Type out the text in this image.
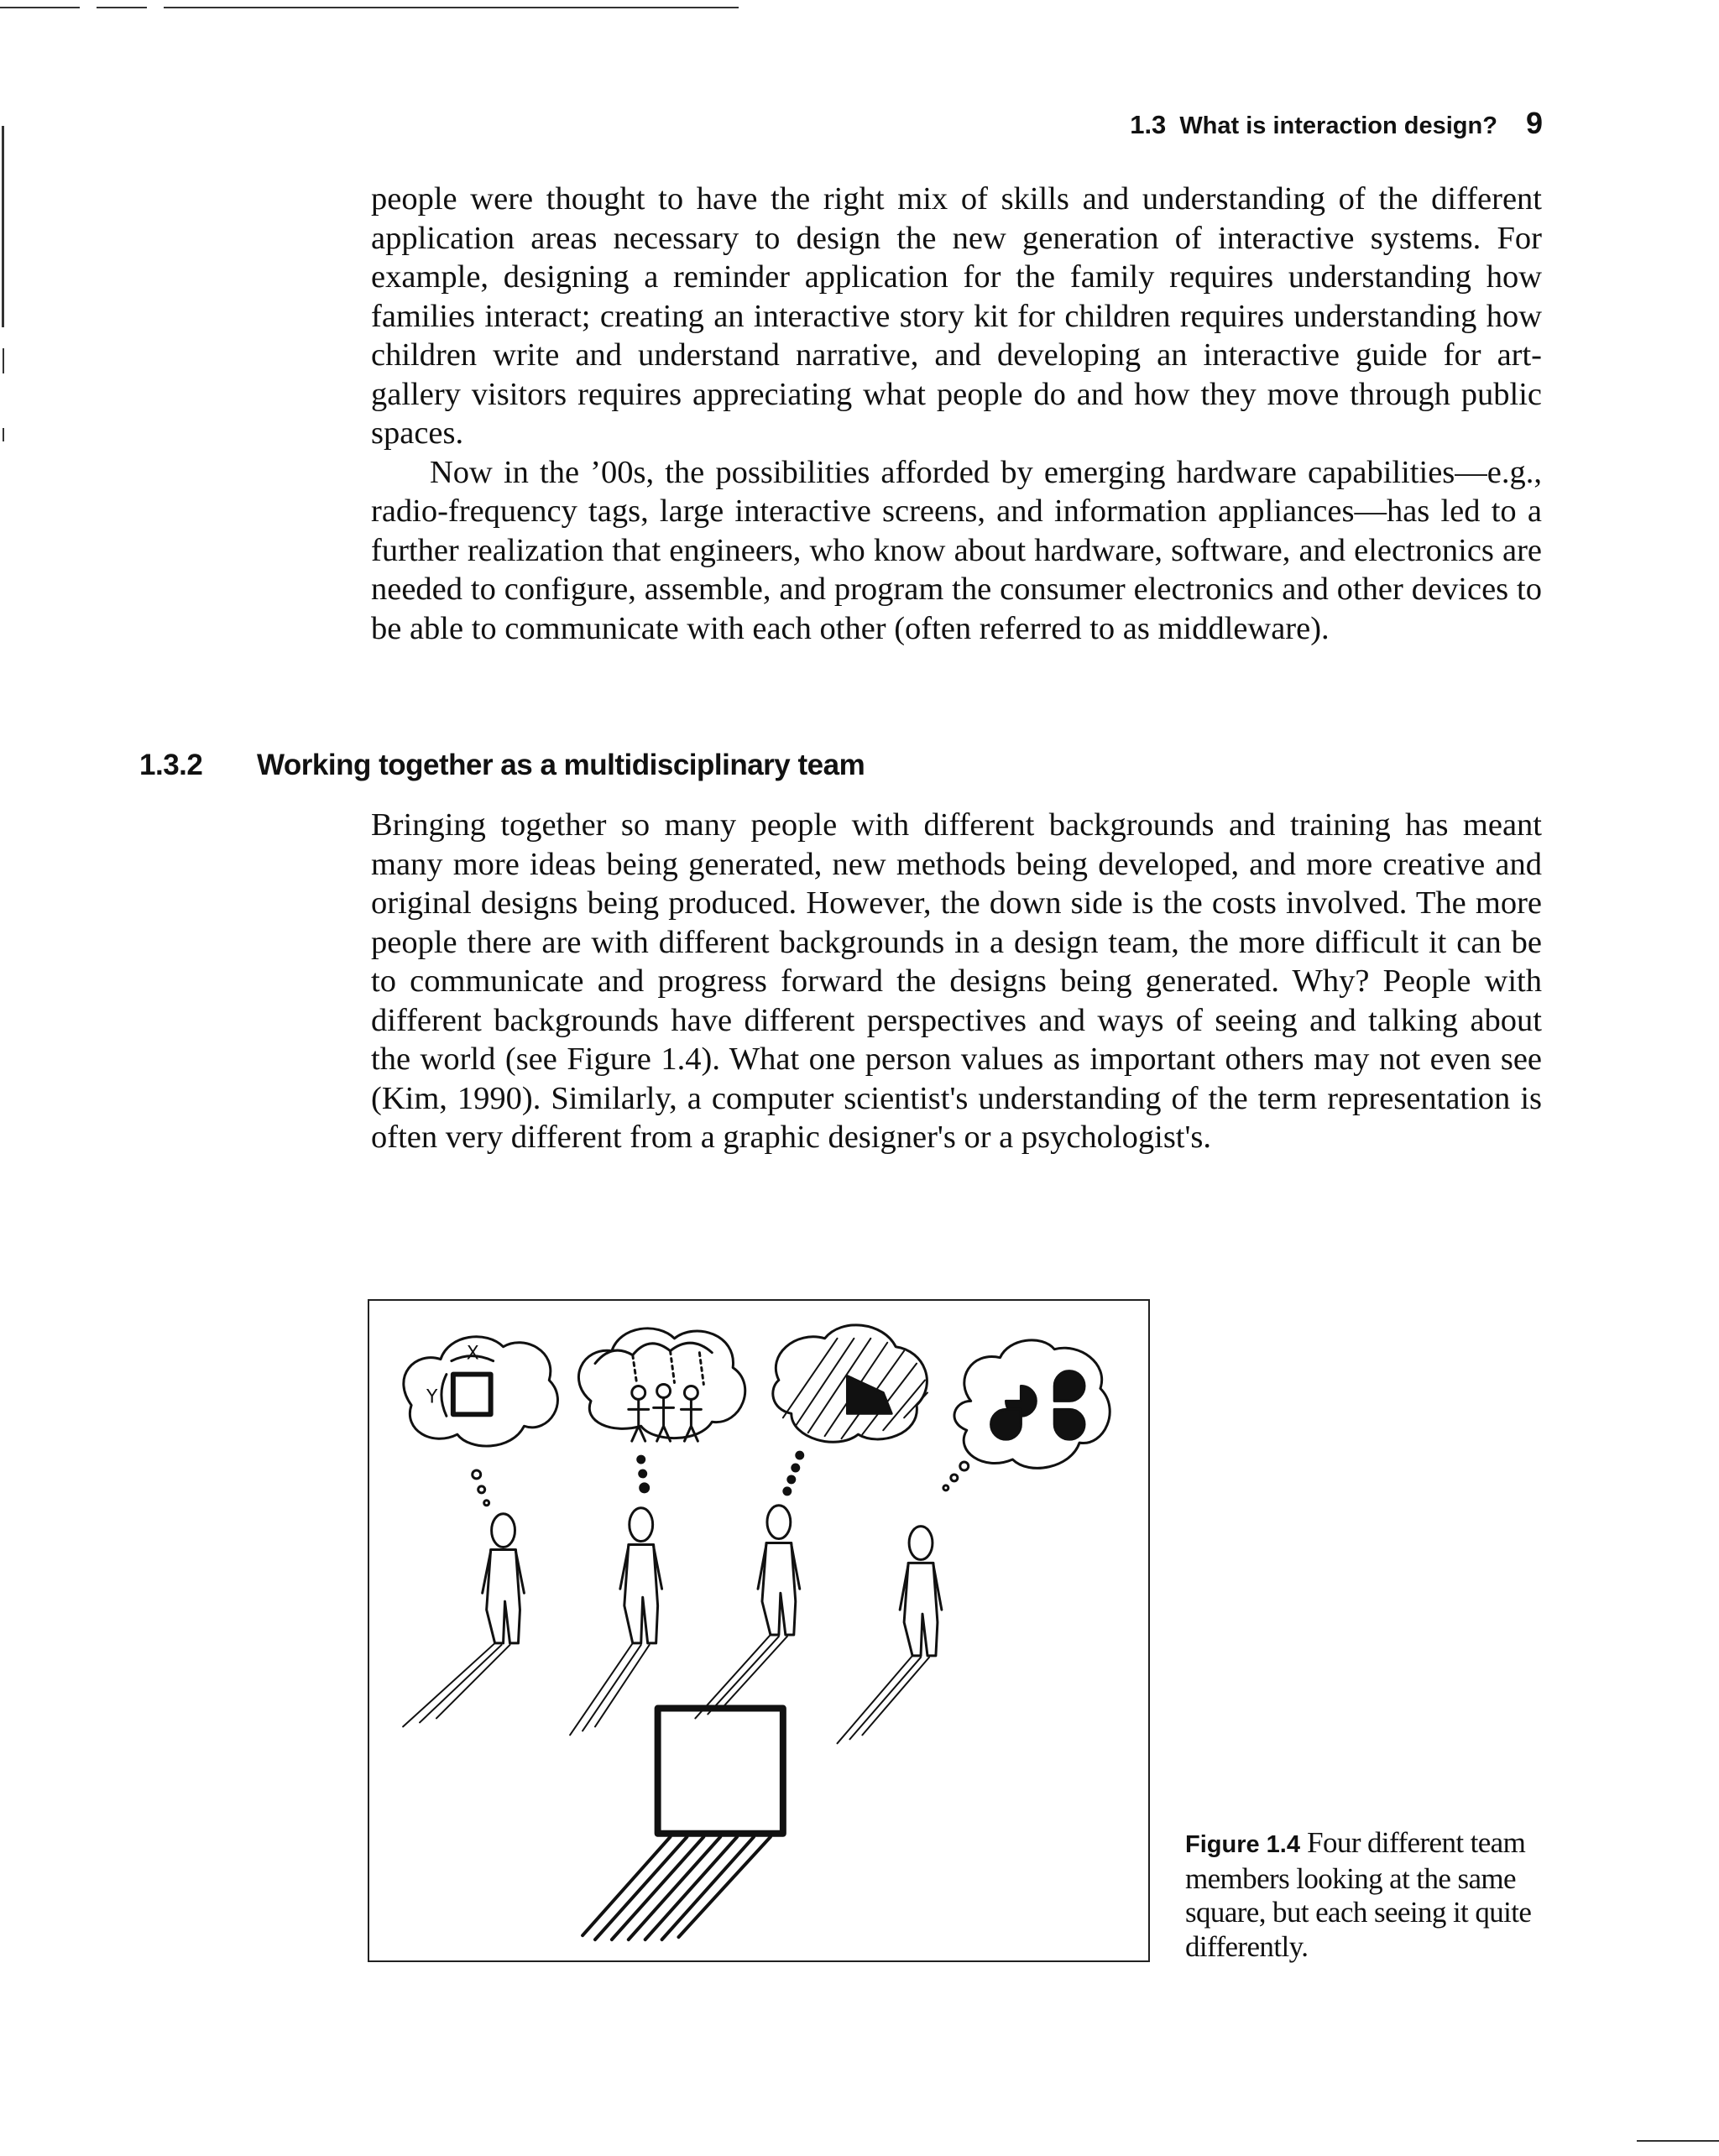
1.3 What is interaction design? 9

people were thought to have the right mix of skills and understanding of the different application areas necessary to design the new generation of interactive systems. For example, designing a reminder application for the family requires understanding how families interact; creating an interactive story kit for children requires understanding how children write and understand narrative, and developing an interactive guide for art-gallery visitors requires appreciating what people do and how they move through public spaces.

Now in the ’00s, the possibilities afforded by emerging hardware capabilities—e.g., radio-frequency tags, large interactive screens, and information appliances—has led to a further realization that engineers, who know about hardware, software, and electronics are needed to configure, assemble, and program the consumer electronics and other devices to be able to communicate with each other (often referred to as middleware).

1.3.2 Working together as a multidisciplinary team

Bringing together so many people with different backgrounds and training has meant many more ideas being generated, new methods being developed, and more creative and original designs being produced. However, the down side is the costs involved. The more people there are with different backgrounds in a design team, the more difficult it can be to communicate and progress forward the designs being generated. Why? People with different backgrounds have different perspectives and ways of seeing and talking about the world (see Figure 1.4). What one person values as important others may not even see (Kim, 1990). Similarly, a computer scientist's understanding of the term representation is often very different from a graphic designer's or a psychologist's.

X
Y
Figure 1.4 Four different team members looking at the same square, but each seeing it quite differently.
